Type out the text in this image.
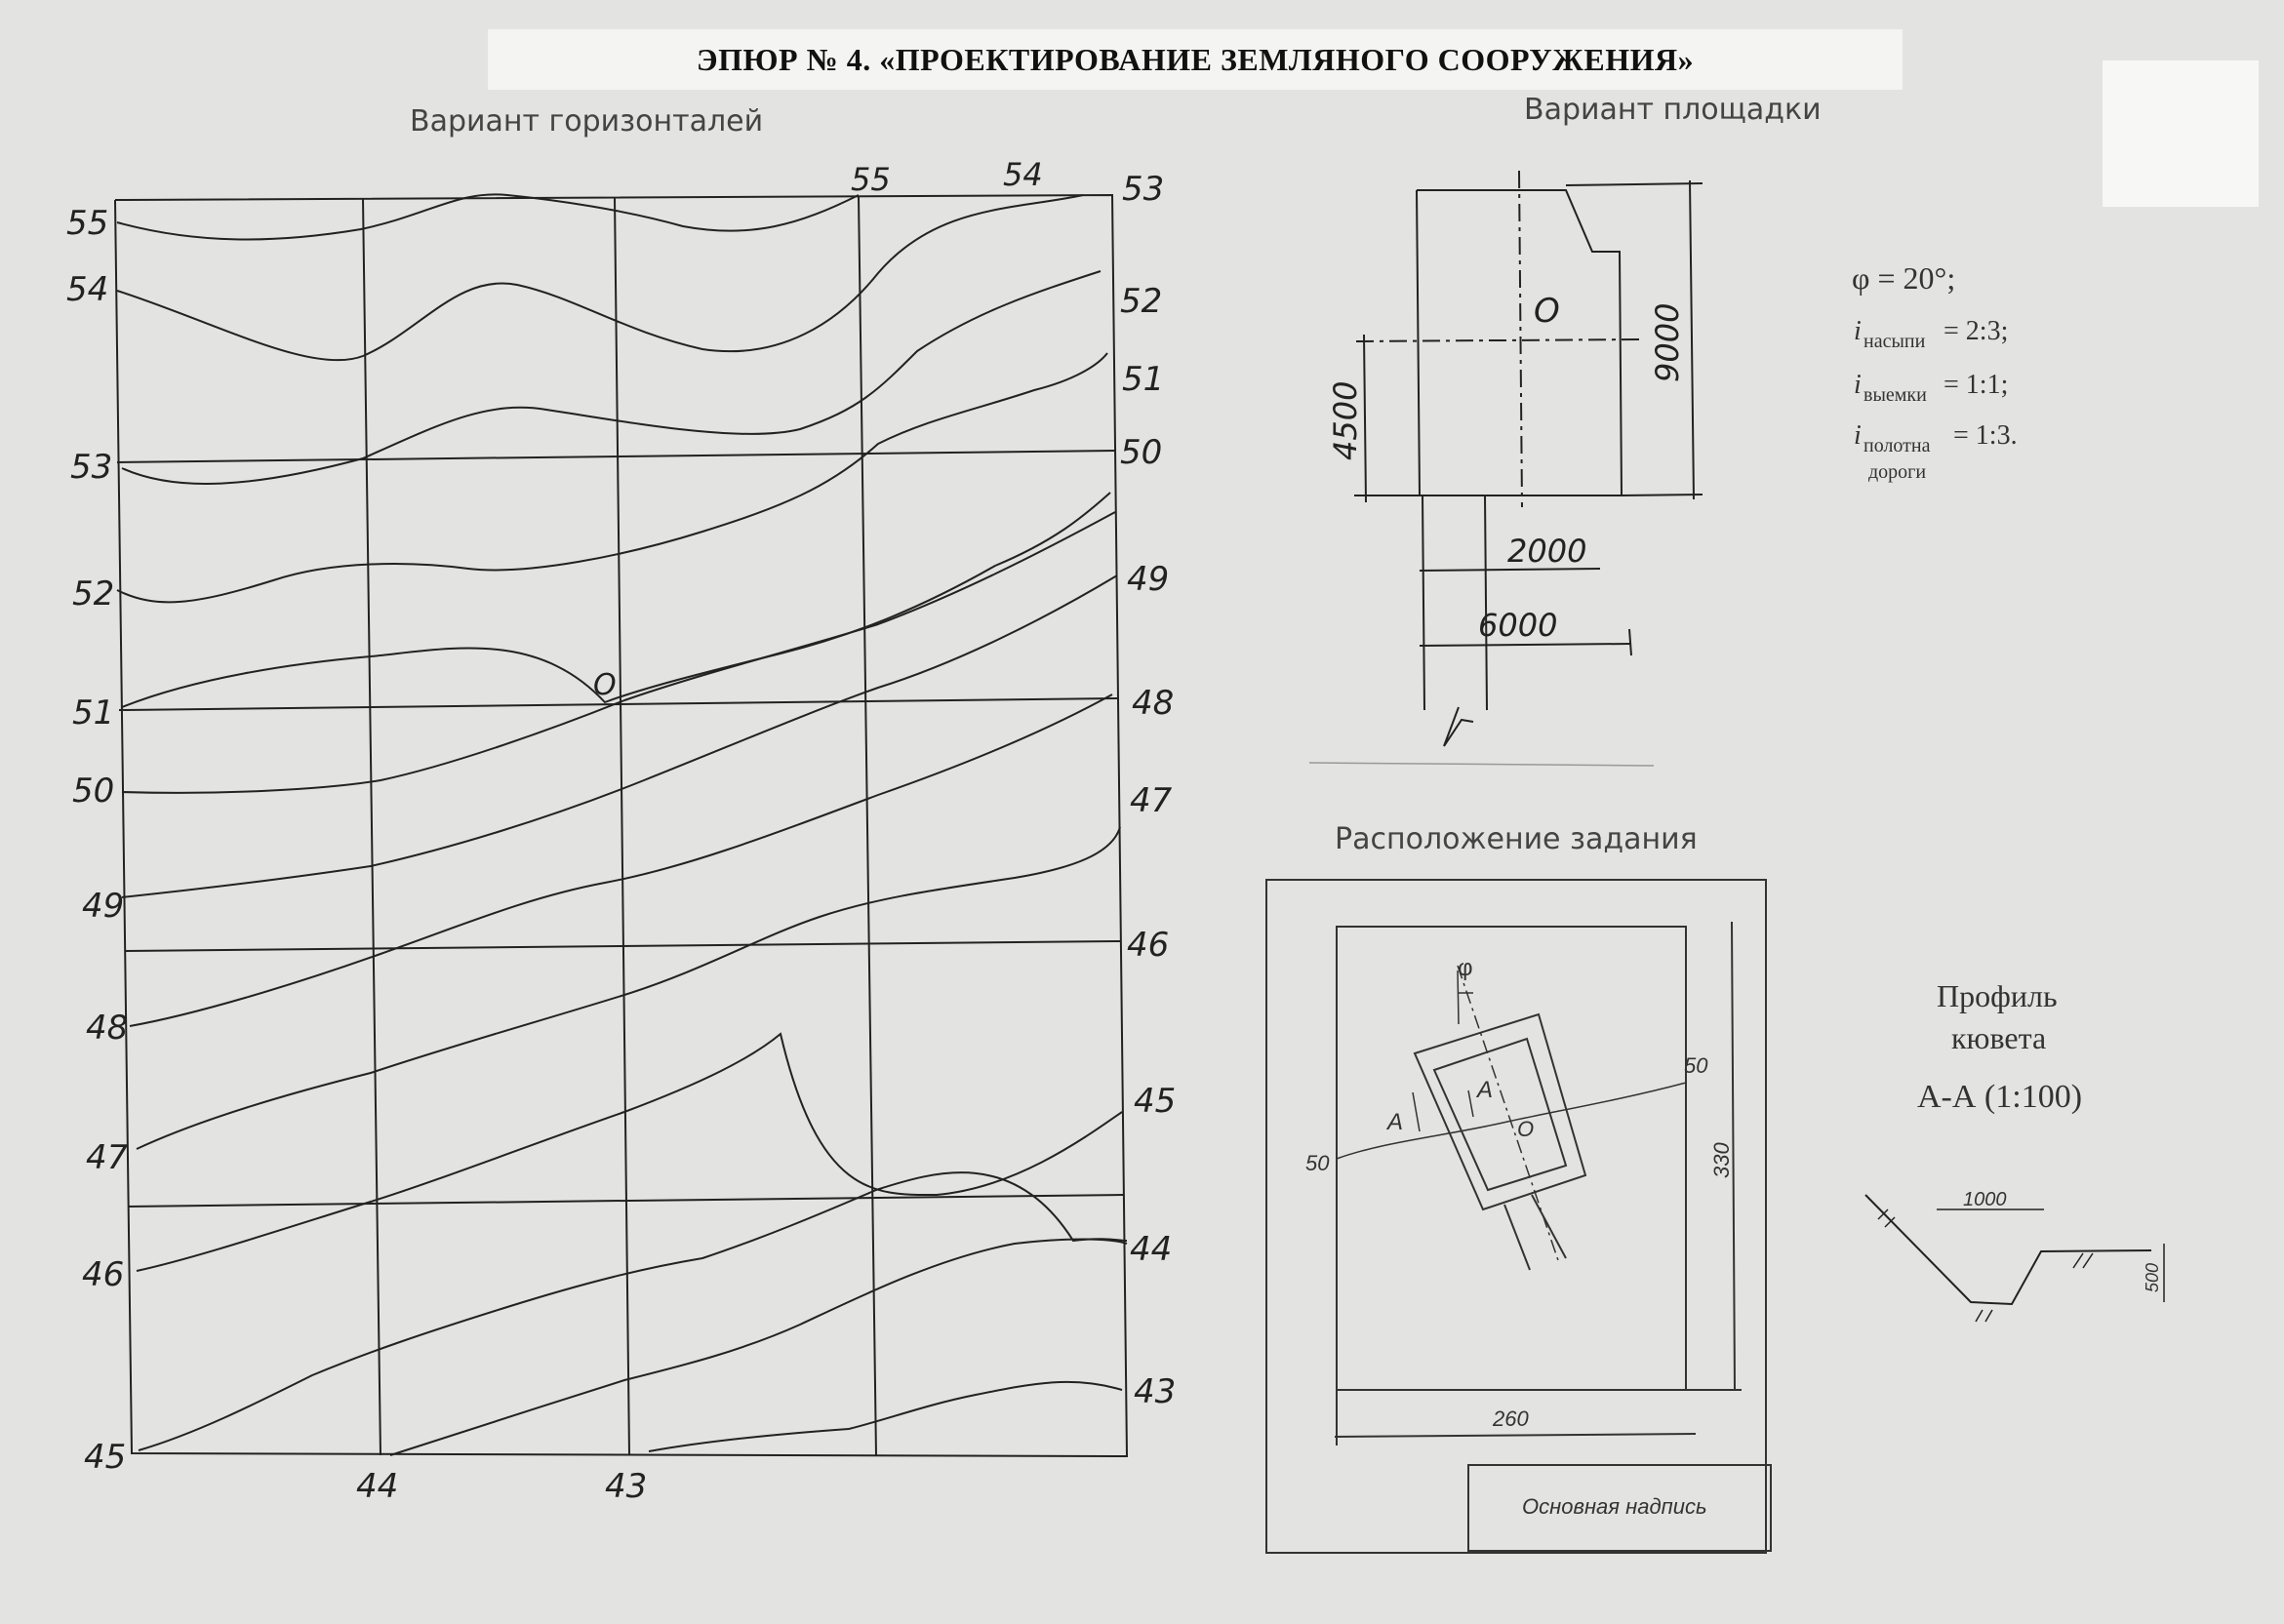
ЭПЮР № 4. «ПРОЕКТИРОВАНИЕ ЗЕМЛЯНОГО СООРУЖЕНИЯ»
Вариант горизонталей
55
54
53
52
51
50
49
48
47
46
45
53
52
51
50
49
48
47
46
45
44
43
55	54
44	43
O
Вариант площадки
O	9000
4500
2000
6000
φ = 20°;
i насыпи = 2:3;
i выемки = 1:1;
i полотна
дороги
= 1:3.
Расположение задания
φ
A
A
O
50
50
330
260
Основная надпись
Профиль
кювета
А-А (1:100)
1000
500
